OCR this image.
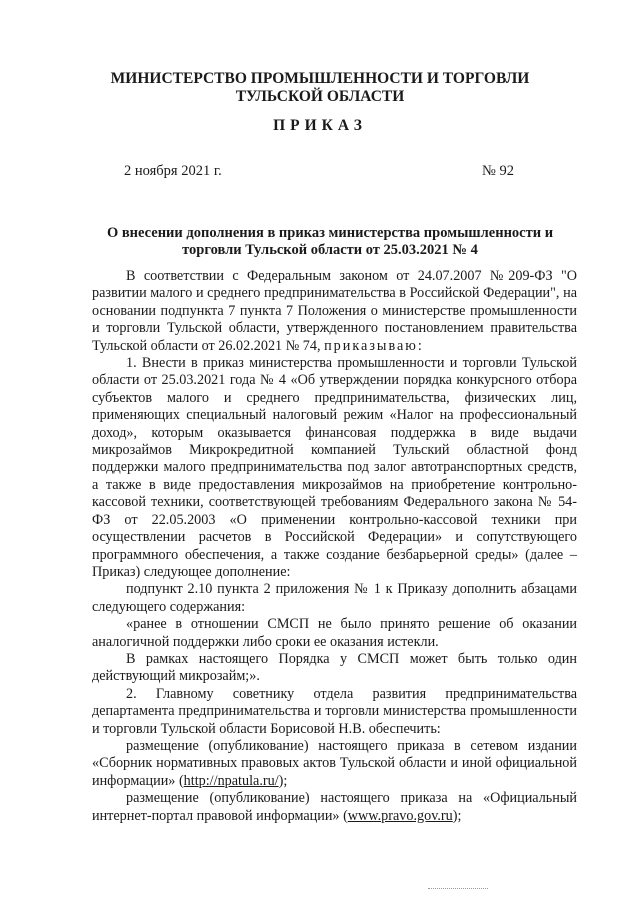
МИНИСТЕРСТВО ПРОМЫШЛЕННОСТИ И ТОРГОВЛИ
ТУЛЬСКОЙ ОБЛАСТИ
ПРИКАЗ
2 ноября 2021 г.	№ 92
О внесении дополнения в приказ министерства промышленности и
торговли Тульской области от 25.03.2021 № 4

В соответствии с Федеральным законом от 24.07.2007 №209-ФЗ "О развитии малого и среднего предпринимательства в Российской Федерации", на основании подпункта 7 пункта 7 Положения о министерстве промышленности и торговли Тульской области, утвержденного постановлением правительства Тульской области от 26.02.2021 № 74, приказываю:

1. Внести в приказ министерства промышленности и торговли Тульской области от 25.03.2021 года № 4 «Об утверждении порядка конкурсного отбора субъектов малого и среднего предпринимательства, физических лиц, применяющих специальный налоговый режим «Налог на профессиональный доход», которым оказывается финансовая поддержка в виде выдачи микрозаймов Микрокредитной компанией Тульский областной фонд поддержки малого предпринимательства под залог автотранспортных средств, а также в виде предоставления микрозаймов на приобретение контрольно-кассовой техники, соответствующей требованиям Федерального закона № 54-ФЗ от 22.05.2003 «О применении контрольно-кассовой техники при осуществлении расчетов в Российской Федерации» и сопутствующего программного обеспечения, а также создание безбарьерной среды» (далее – Приказ) следующее дополнение:

подпункт 2.10 пункта 2 приложения № 1 к Приказу дополнить абзацами следующего содержания:

«ранее в отношении СМСП не было принято решение об оказании аналогичной поддержки либо сроки ее оказания истекли.

В рамках настоящего Порядка у СМСП может быть только один действующий микрозайм;».

2. Главному советнику отдела развития предпринимательства департамента предпринимательства и торговли министерства промышленности и торговли Тульской области Борисовой Н.В. обеспечить:

размещение (опубликование) настоящего приказа в сетевом издании «Сборник нормативных правовых актов Тульской области и иной официальной информации» (http://npatula.ru/);

размещение (опубликование) настоящего приказа на «Официальный интернет-портал правовой информации» (www.pravo.gov.ru);
